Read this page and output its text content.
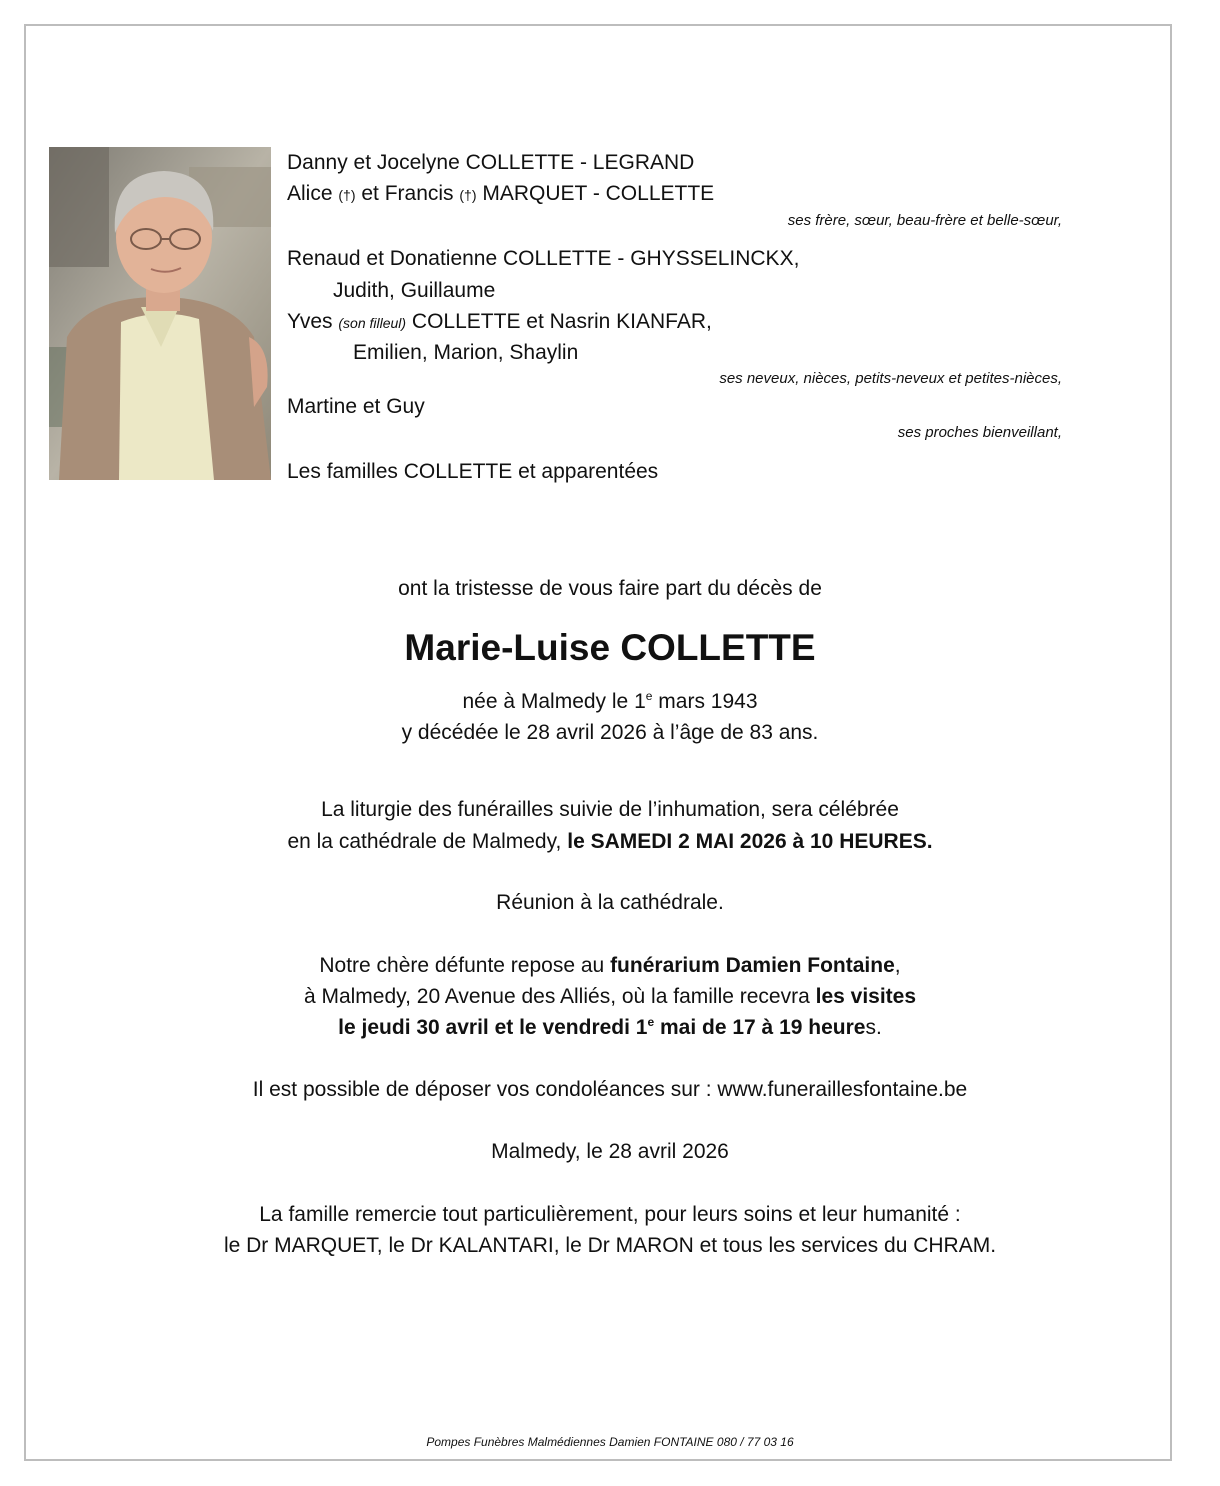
Danny et Jocelyne COLLETTE - LEGRAND
Alice (†) et Francis (†) MARQUET - COLLETTE
ses frère, sœur, beau-frère et belle-sœur,
Renaud et Donatienne COLLETTE - GHYSSELINCKX,
Judith, Guillaume
Yves (son filleul) COLLETTE et Nasrin KIANFAR,
Emilien, Marion, Shaylin
ses neveux, nièces, petits-neveux et petites-nièces,
Martine et Guy
ses proches bienveillant,
Les familles COLLETTE et apparentées
ont la tristesse de vous faire part du décès de
Marie-Luise COLLETTE
née à Malmedy le 1e mars 1943
y décédée le 28 avril 2026 à l’âge de 83 ans.
La liturgie des funérailles suivie de l’inhumation, sera célébrée
en la cathédrale de Malmedy, le SAMEDI 2 MAI 2026 à 10 HEURES.
Réunion à la cathédrale.
Notre chère défunte repose au funérarium Damien Fontaine,
à Malmedy, 20 Avenue des Alliés, où la famille recevra les visites
le jeudi 30 avril et le vendredi 1e mai de 17 à 19 heures.
Il est possible de déposer vos condoléances sur : www.funeraillesfontaine.be
Malmedy, le 28 avril 2026
La famille remercie tout particulièrement, pour leurs soins et leur humanité :
le Dr MARQUET, le Dr KALANTARI, le Dr MARON et tous les services du CHRAM.
Pompes Funèbres Malmédiennes Damien FONTAINE 080 / 77 03 16
